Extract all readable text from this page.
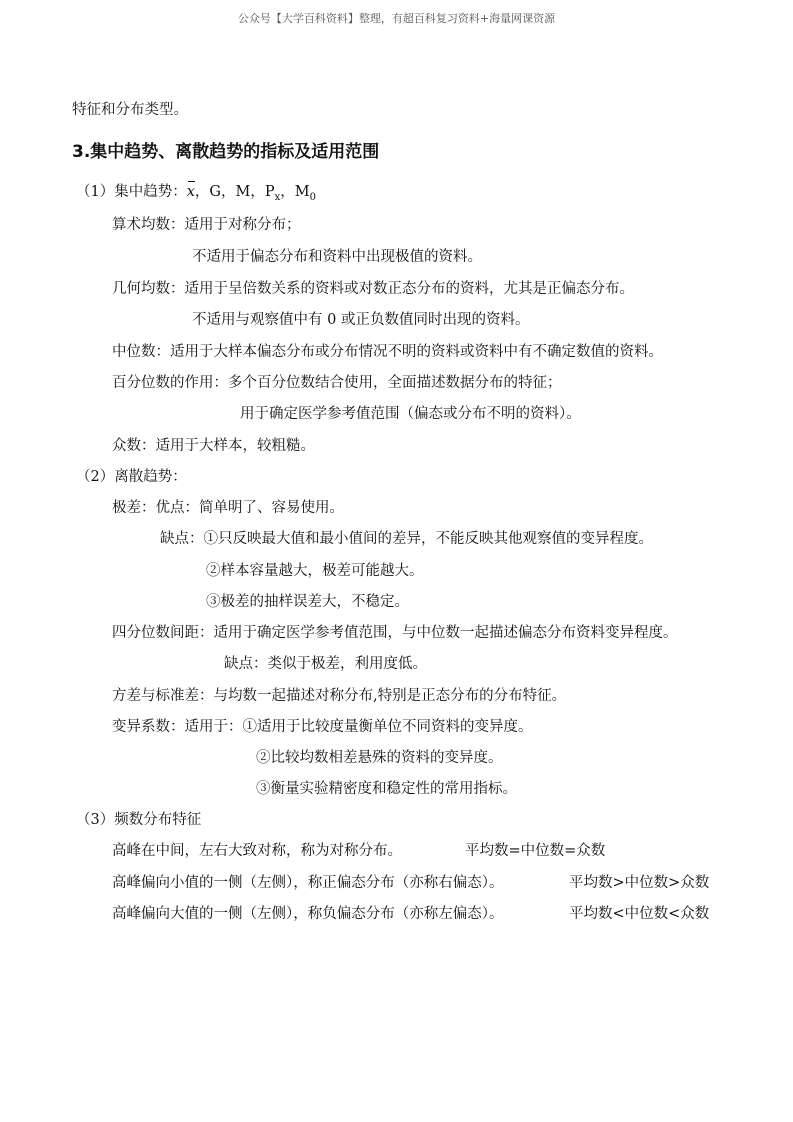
公众号【大学百科资料】整理，有超百科复习资料+海量网课资源
特征和分布类型。
3.集中趋势、离散趋势的指标及适用范围
（1）集中趋势：x，G，M，$P_x$，$M_0$
算术均数：适用于对称分布；
不适用于偏态分布和资料中出现极值的资料。
几何均数：适用于呈倍数关系的资料或对数正态分布的资料，尤其是正偏态分布。
不适用与观察值中有 0 或正负数值同时出现的资料。
中位数：适用于大样本偏态分布或分布情况不明的资料或资料中有不确定数值的资料。
百分位数的作用：多个百分位数结合使用，全面描述数据分布的特征；
用于确定医学参考值范围（偏态或分布不明的资料）。
众数：适用于大样本，较粗糙。
（2）离散趋势：
极差：优点：简单明了、容易使用。
缺点：①只反映最大值和最小值间的差异，不能反映其他观察值的变异程度。
②样本容量越大，极差可能越大。
③极差的抽样误差大，不稳定。
四分位数间距：适用于确定医学参考值范围，与中位数一起描述偏态分布资料变异程度。
缺点：类似于极差，利用度低。
方差与标准差：与均数一起描述对称分布,特别是正态分布的分布特征。
变异系数：适用于：①适用于比较度量衡单位不同资料的变异度。
②比较均数相差悬殊的资料的变异度。
③衡量实验精密度和稳定性的常用指标。
（3）频数分布特征
高峰在中间，左右大致对称，称为对称分布。	平均数=中位数=众数
高峰偏向小值的一侧（左侧），称正偏态分布（亦称右偏态）。	平均数>中位数>众数
高峰偏向大值的一侧（左侧），称负偏态分布（亦称左偏态）。	平均数<中位数<众数
